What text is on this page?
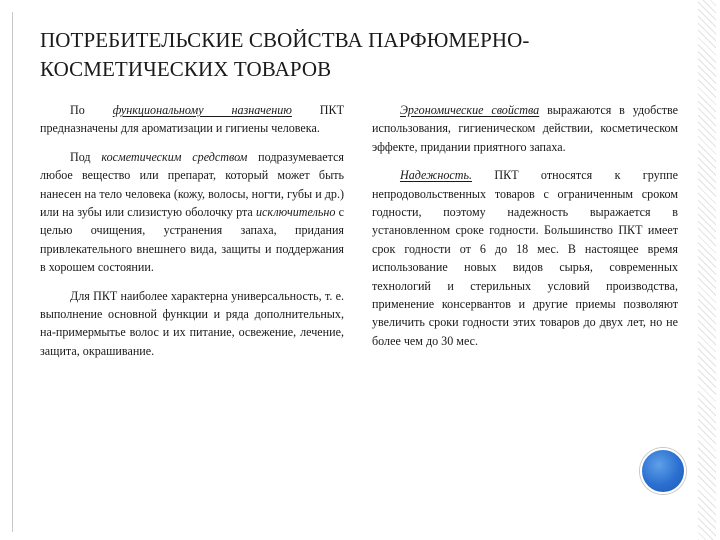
ПОТРЕБИТЕЛЬСКИЕ СВОЙСТВА ПАРФЮМЕРНО-КОСМЕТИЧЕСКИХ ТОВАРОВ

По функциональному назначению ПКТ предназначены для ароматизации и гигиены человека.

Под косметическим средством подразумевается любое вещество или препарат, который может быть нанесен на тело человека (кожу, волосы, ногти, губы и др.) или на зубы или слизистую оболочку рта исключительно с целью очищения, устранения запаха, придания привлекательного внешнего вида, защиты и поддержания в хорошем состоянии.

Для ПКТ наиболее характерна универсальность, т. е. выполнение основной функции и ряда дополнительных, на-примермытье волос и их питание, освежение, лечение, защита, окрашивание.

Эргономические свойства выражаются в удобстве использования, гигиеническом действии, косметическом эффекте, придании приятного запаха.

Надежность. ПКТ относятся к группе непродовольственных товаров с ограниченным сроком годности, поэтому надежность выражается в установленном сроке годности. Большинство ПКТ имеет срок годности от 6 до 18 мес. В настоящее время использование новых видов сырья, современных технологий и стерильных условий производства, применение консервантов и другие приемы позволяют увеличить сроки годности этих товаров до двух лет, но не более чем до 30 мес.
